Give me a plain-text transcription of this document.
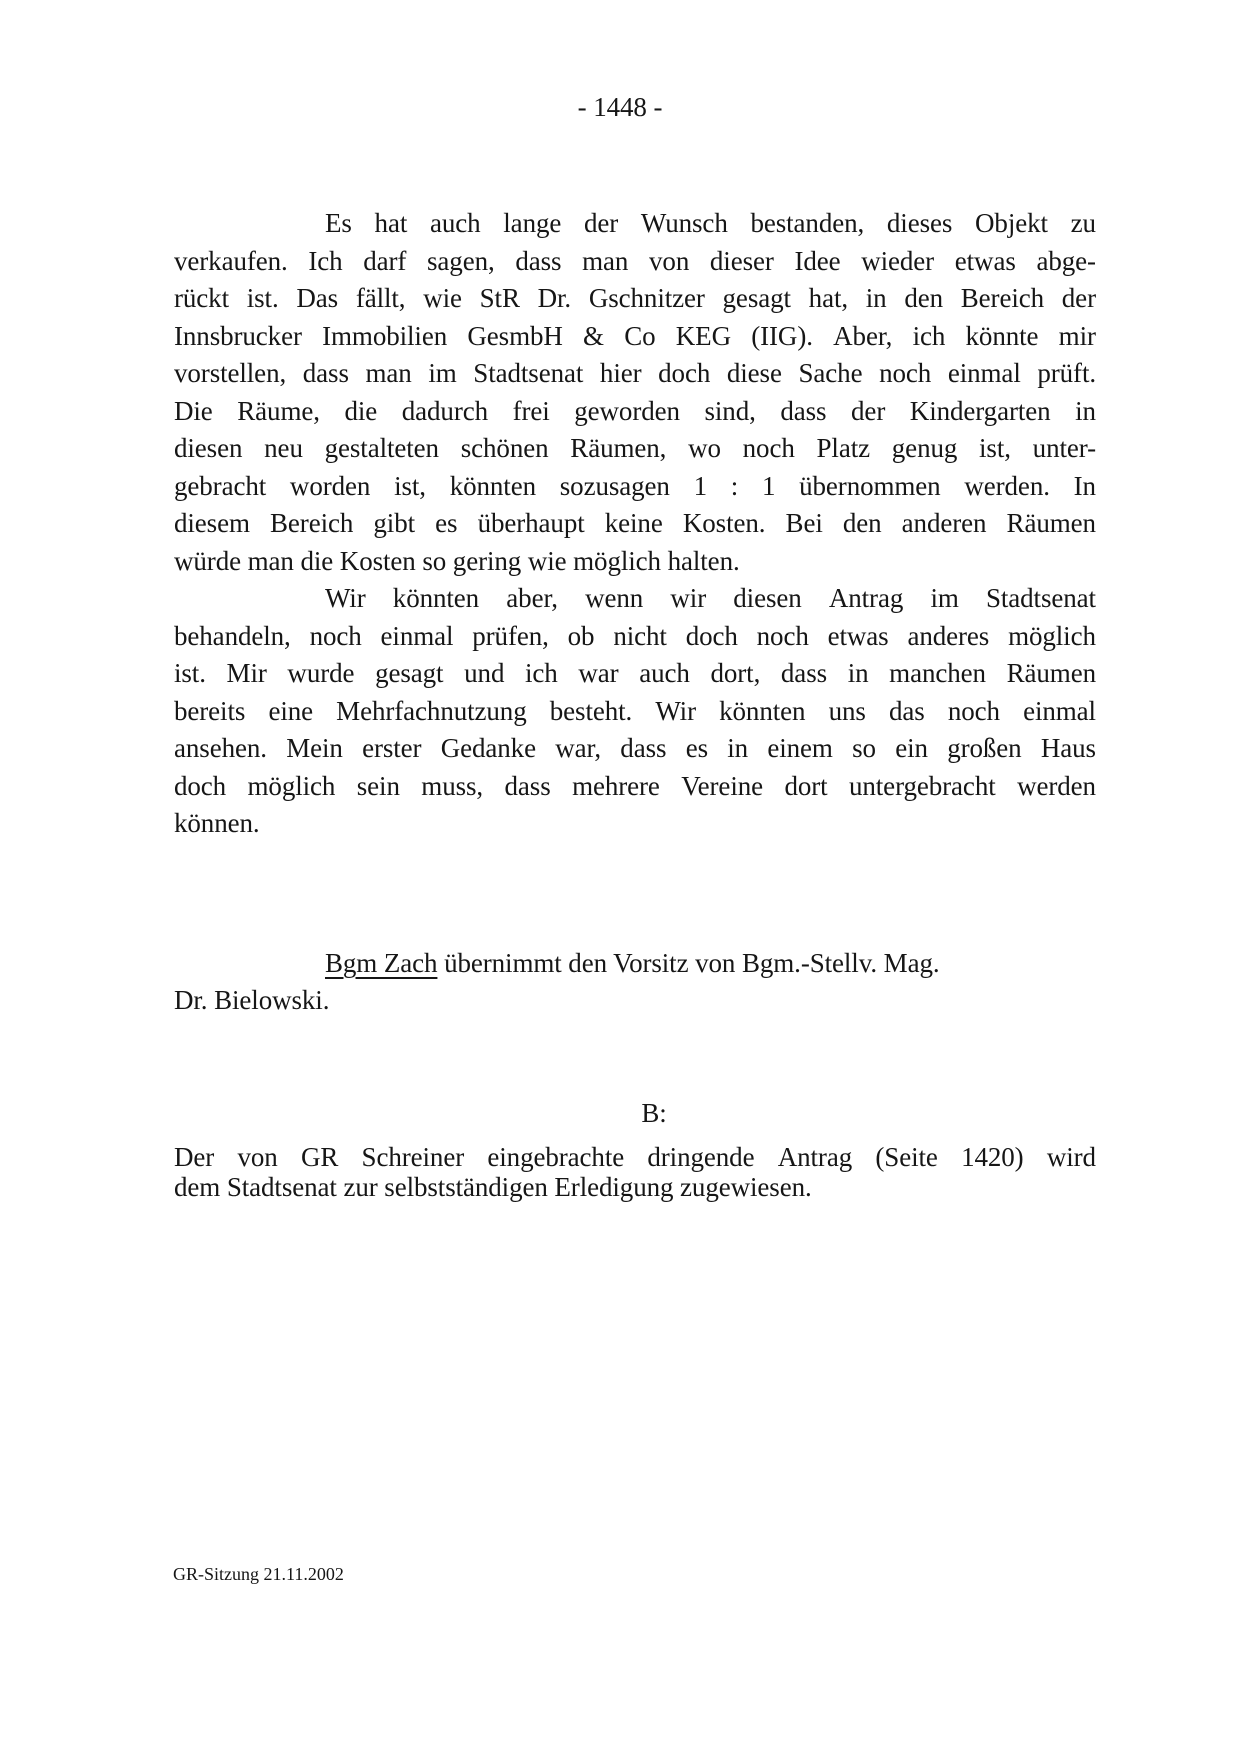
- 1448 -
Es hat auch lange der Wunsch bestanden, dieses Objekt zu
verkaufen. Ich darf sagen, dass man von dieser Idee wieder etwas abge-
rückt ist. Das fällt, wie StR Dr. Gschnitzer gesagt hat, in den Bereich der
Innsbrucker Immobilien GesmbH & Co KEG (IIG). Aber, ich könnte mir
vorstellen, dass man im Stadtsenat hier doch diese Sache noch einmal prüft.
Die Räume, die dadurch frei geworden sind, dass der Kindergarten in
diesen neu gestalteten schönen Räumen, wo noch Platz genug ist, unter-
gebracht worden ist, könnten sozusagen 1 : 1 übernommen werden. In
diesem Bereich gibt es überhaupt keine Kosten. Bei den anderen Räumen
würde man die Kosten so gering wie möglich halten.
Wir könnten aber, wenn wir diesen Antrag im Stadtsenat
behandeln, noch einmal prüfen, ob nicht doch noch etwas anderes möglich
ist. Mir wurde gesagt und ich war auch dort, dass in manchen Räumen
bereits eine Mehrfachnutzung besteht. Wir könnten uns das noch einmal
ansehen. Mein erster Gedanke war, dass es in einem so ein großen Haus
doch möglich sein muss, dass mehrere Vereine dort untergebracht werden
können.
Bgm Zach übernimmt den Vorsitz von Bgm.-Stellv. Mag.
Dr. Bielowski.
B:
Der von GR Schreiner eingebrachte dringende Antrag (Seite 1420) wird
dem Stadtsenat zur selbstständigen Erledigung zugewiesen.
GR-Sitzung 21.11.2002
